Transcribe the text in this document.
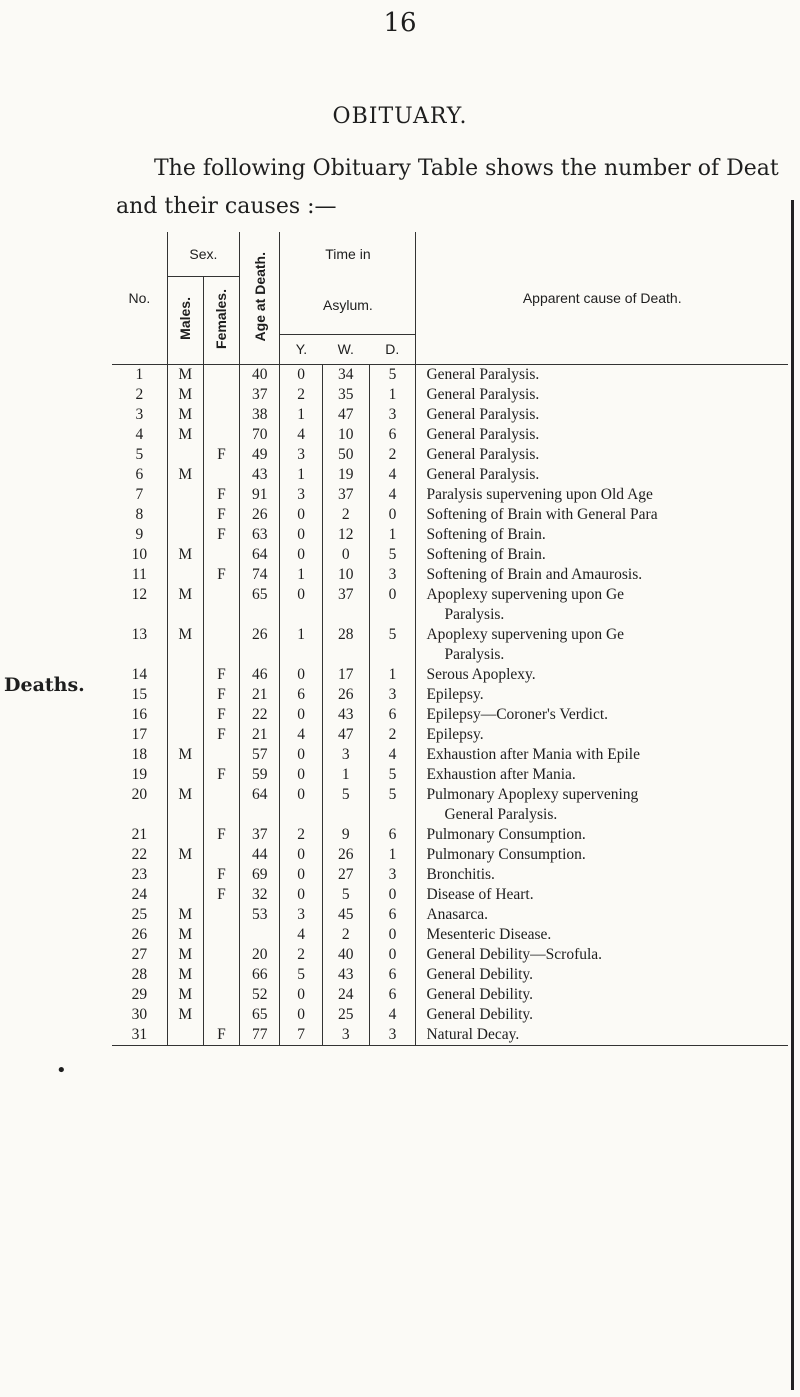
16
OBITUARY.
The following Obituary Table shows the number of Deat
and their causes :—
Deaths.
•
No.	Sex.		Age at Death.	Time in			Apparent cause of Death.
	Males.	Females.		Asylum.			
				Y.	W.	D.	
1	M		40	0	34	5	General Paralysis.

2	M		37	2	35	1	General Paralysis.

3	M		38	1	47	3	General Paralysis.

4	M		70	4	10	6	General Paralysis.

5		F	49	3	50	2	General Paralysis.

6	M		43	1	19	4	General Paralysis.

7		F	91	3	37	4	Paralysis supervening upon Old Age

8		F	26	0	2	0	Softening of Brain with General Para

9		F	63	0	12	1	Softening of Brain.

10	M		64	0	0	5	Softening of Brain.

11		F	74	1	10	3	Softening of Brain and Amaurosis.

12	M		65	0	37	0	Apoplexy supervening upon Ge
Paralysis.

13	M		26	1	28	5	Apoplexy supervening upon Ge
Paralysis.

14		F	46	0	17	1	Serous Apoplexy.

15		F	21	6	26	3	Epilepsy.

16		F	22	0	43	6	Epilepsy—Coroner's Verdict.

17		F	21	4	47	2	Epilepsy.

18	M		57	0	3	4	Exhaustion after Mania with Epile

19		F	59	0	1	5	Exhaustion after Mania.

20	M		64	0	5	5	Pulmonary Apoplexy supervening
General Paralysis.

21		F	37	2	9	6	Pulmonary Consumption.

22	M		44	0	26	1	Pulmonary Consumption.

23		F	69	0	27	3	Bronchitis.

24		F	32	0	5	0	Disease of Heart.

25	M		53	3	45	6	Anasarca.

26	M			4	2	0	Mesenteric Disease.

27	M		20	2	40	0	General Debility—Scrofula.

28	M		66	5	43	6	General Debility.

29	M		52	0	24	6	General Debility.

30	M		65	0	25	4	General Debility.

31		F	77	7	3	3	Natural Decay.
